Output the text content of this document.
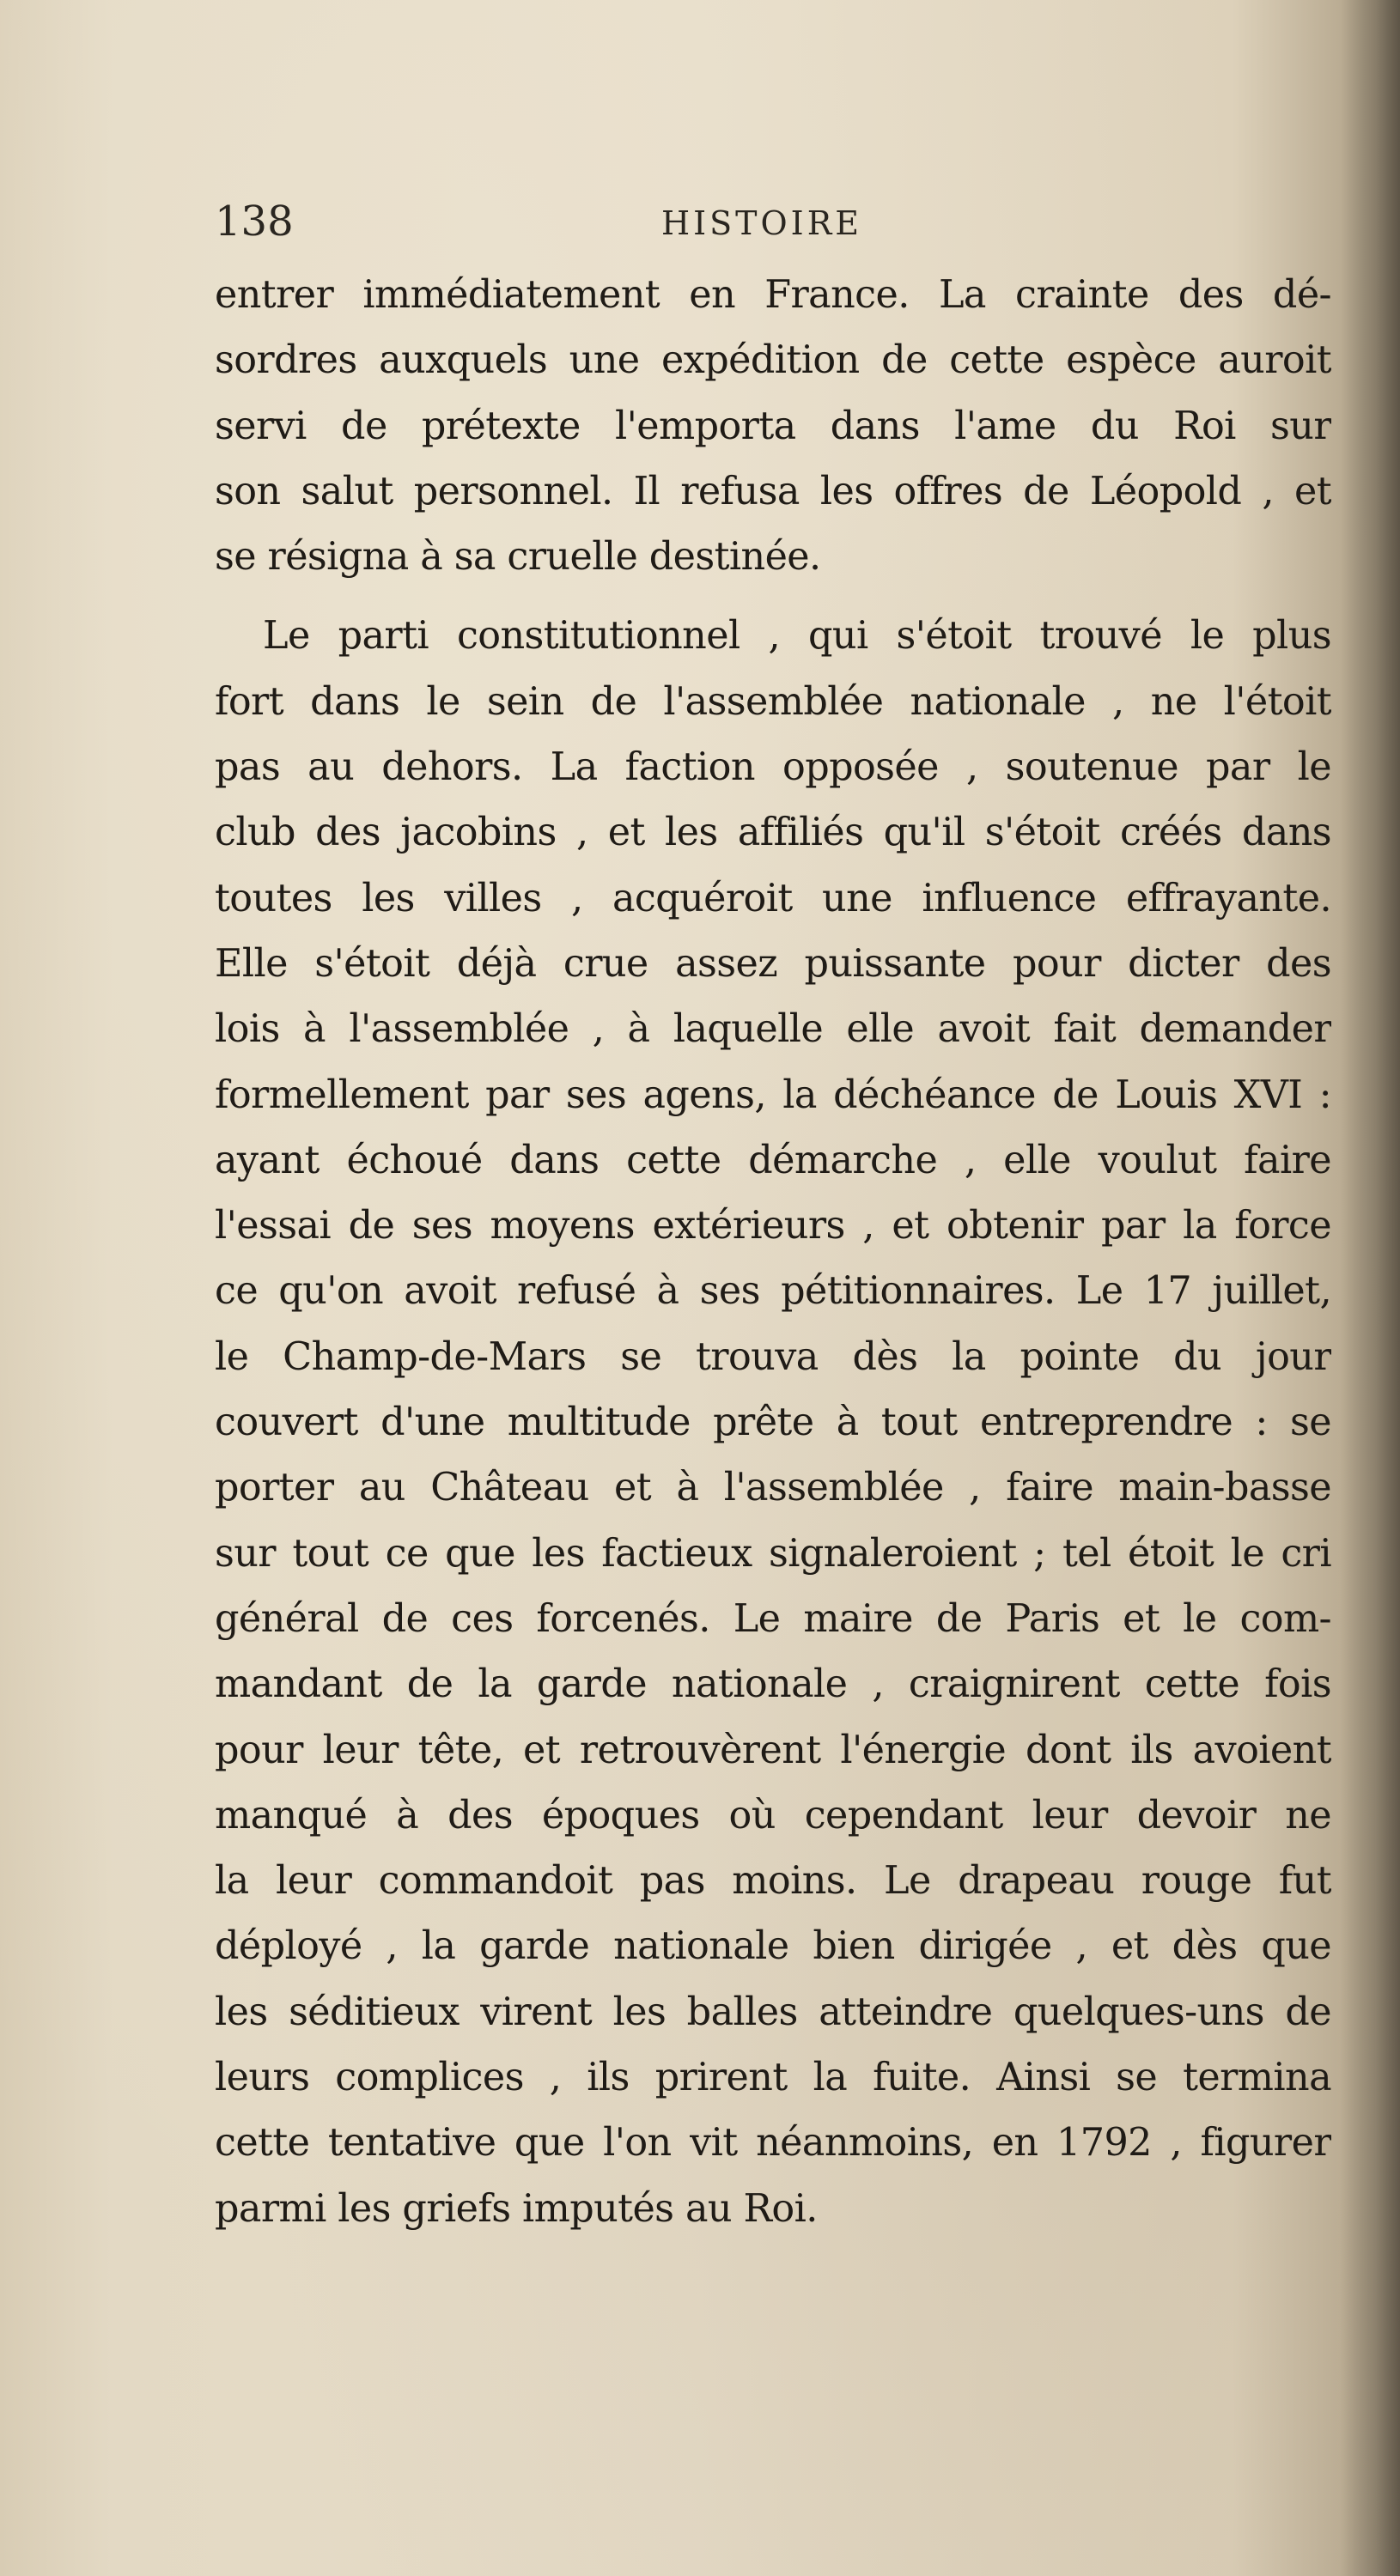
138	HISTOIRE

entrer immédiatement en France. La crainte des dé-
sordres auxquels une expédition de cette espèce auroit
servi de prétexte l'emporta dans l'ame du Roi sur
son salut personnel. Il refusa les offres de Léopold , et
se résigna à sa cruelle destinée.

Le parti constitutionnel , qui s'étoit trouvé le plus
fort dans le sein de l'assemblée nationale , ne l'étoit
pas au dehors. La faction opposée , soutenue par le
club des jacobins , et les affiliés qu'il s'étoit créés dans
toutes les villes , acquéroit une influence effrayante.
Elle s'étoit déjà crue assez puissante pour dicter des
lois à l'assemblée , à laquelle elle avoit fait demander
formellement par ses agens, la déchéance de Louis XVI :
ayant échoué dans cette démarche , elle voulut faire
l'essai de ses moyens extérieurs , et obtenir par la force
ce qu'on avoit refusé à ses pétitionnaires. Le 17 juillet,
le Champ-de-Mars se trouva dès la pointe du jour
couvert d'une multitude prête à tout entreprendre : se
porter au Château et à l'assemblée , faire main-basse
sur tout ce que les factieux signaleroient ; tel étoit le cri
général de ces forcenés. Le maire de Paris et le com-
mandant de la garde nationale , craignirent cette fois
pour leur tête, et retrouvèrent l'énergie dont ils avoient
manqué à des époques où cependant leur devoir ne
la leur commandoit pas moins. Le drapeau rouge fut
déployé , la garde nationale bien dirigée , et dès que
les séditieux virent les balles atteindre quelques-uns de
leurs complices , ils prirent la fuite. Ainsi se termina
cette tentative que l'on vit néanmoins, en 1792 , figurer
parmi les griefs imputés au Roi.
